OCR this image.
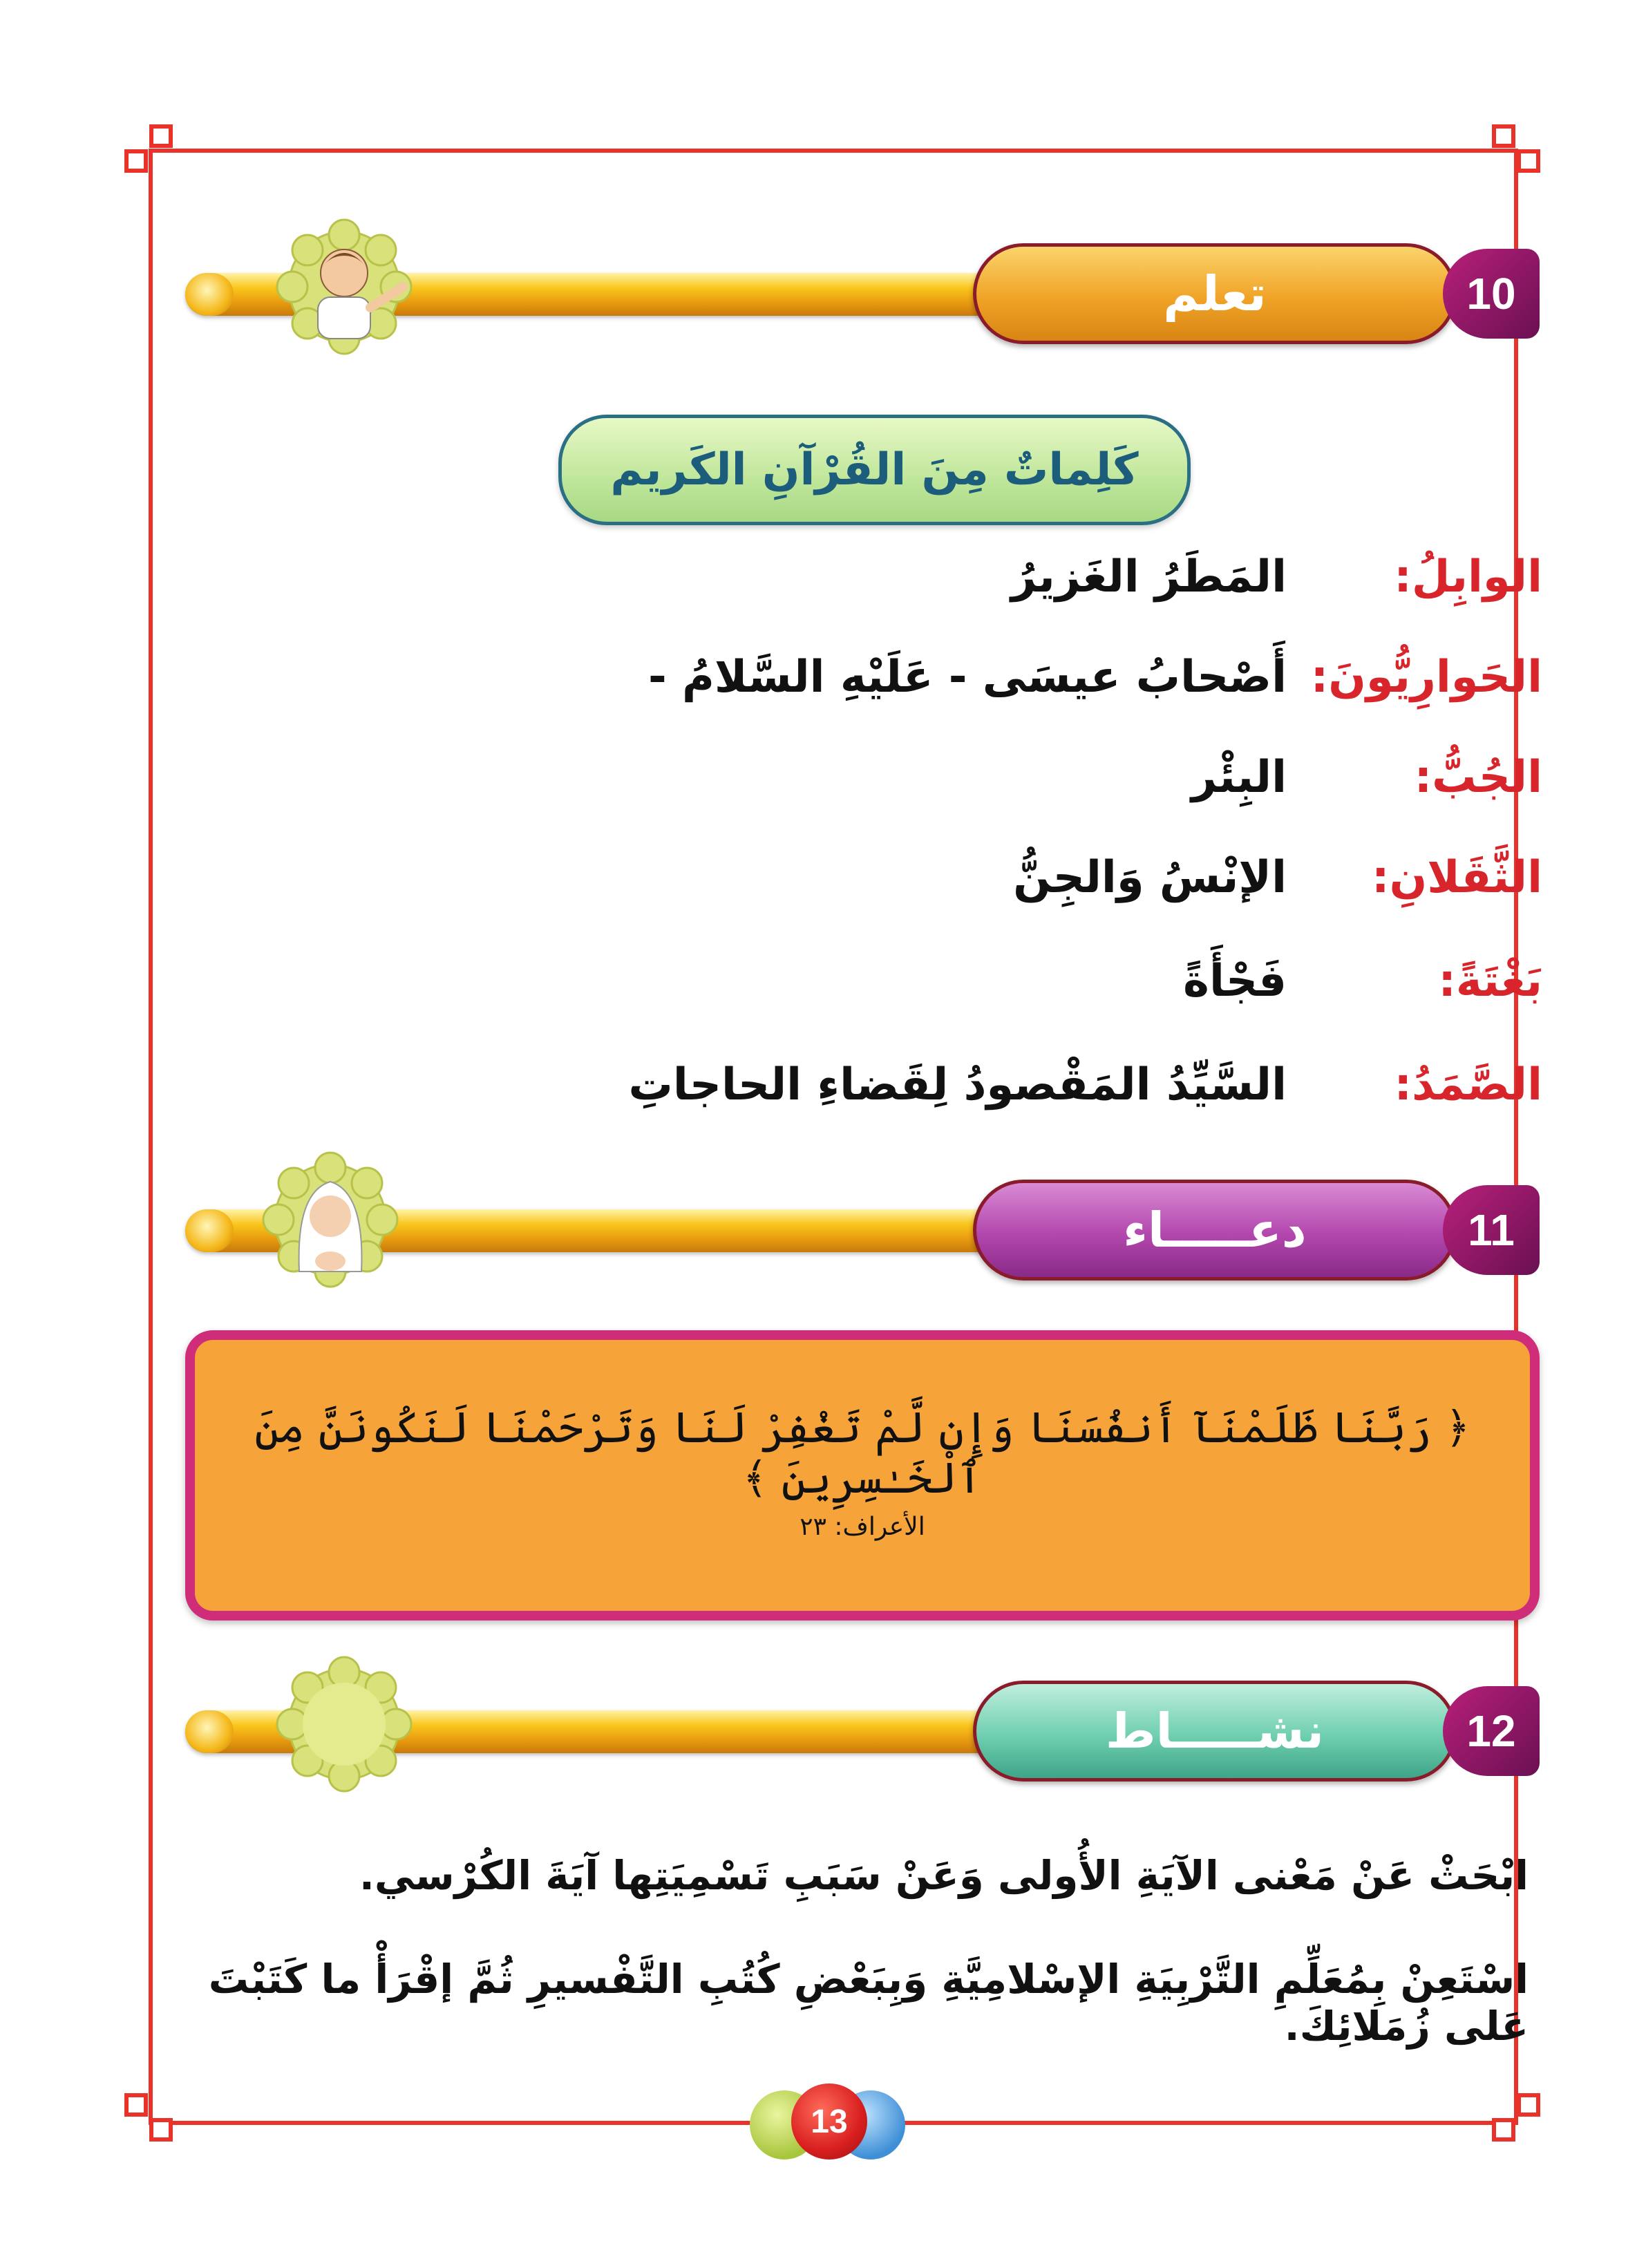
تعلم	10
كَلِماتٌ مِنَ القُرْآنِ الكَريم
الوابِلُ:
المَطَرُ الغَزيرُ
الحَوارِيُّونَ:
أَصْحابُ عيسَى - عَلَيْهِ السَّلامُ -
الجُبُّ:
البِئْر
الثَّقَلانِ:
الإنْسُ وَالجِنُّ
بَغْتَةً:
فَجْأَةً
الصَّمَدُ:
السَّيِّدُ المَقْصودُ لِقَضاءِ الحاجاتِ
دعـــــاء	11
﴿ رَبَّنَا ظَلَمْنَآ أَنفُسَنَا وَإِن لَّمْ تَغْفِرْ لَنَا وَتَرْحَمْنَا لَنَكُونَنَّ مِنَ ٱلْخَـٰسِرِينَ ﴾
الأعراف: ٢٣
نشـــــاط	12
ابْحَثْ عَنْ مَعْنى الآيَةِ الأُولى وَعَنْ سَبَبِ تَسْمِيَتِها آيَةَ الكُرْسي.
اسْتَعِنْ بِمُعَلِّمِ التَّرْبِيَةِ الإسْلامِيَّةِ وَبِبَعْضِ كُتُبِ التَّفْسيرِ ثُمَّ إقْرَأْ ما كَتَبْتَ عَلى زُمَلائِكَ.
13
